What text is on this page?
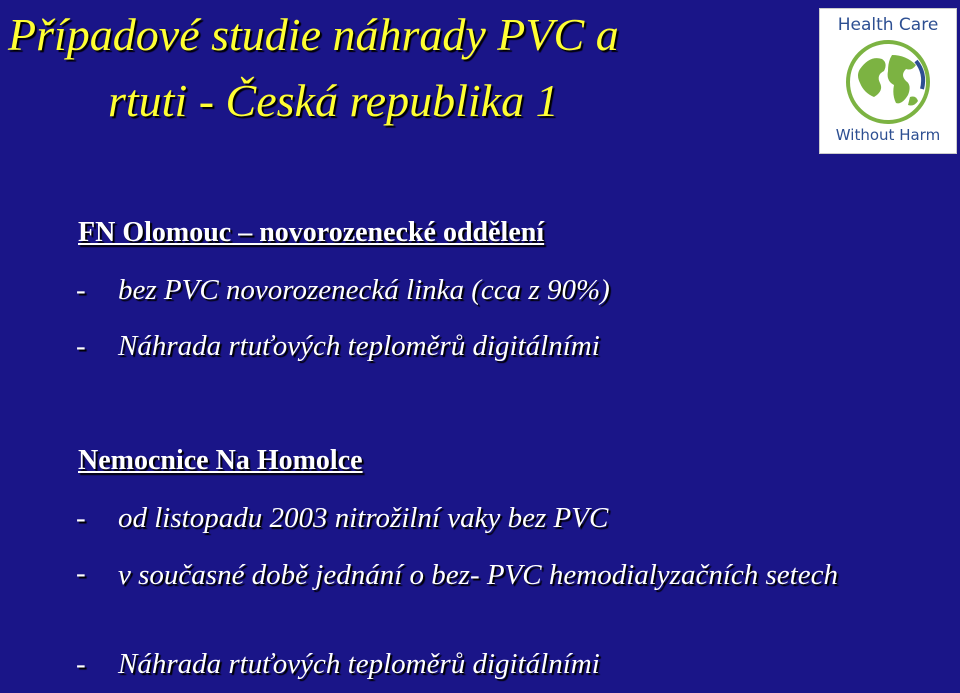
Případové studie náhrady PVC a
rtuti - Česká republika 1
Health Care
Without Harm
FN Olomouc – novorozenecké oddělení
- bez PVC novorozenecká linka (cca z 90%)
- Náhrada rtuťových teploměrů digitálními
Nemocnice Na Homolce
- od listopadu 2003 nitrožilní vaky bez PVC
- v současné době jednání o bez- PVC hemodialyzačních setech
- Náhrada rtuťových teploměrů digitálními
